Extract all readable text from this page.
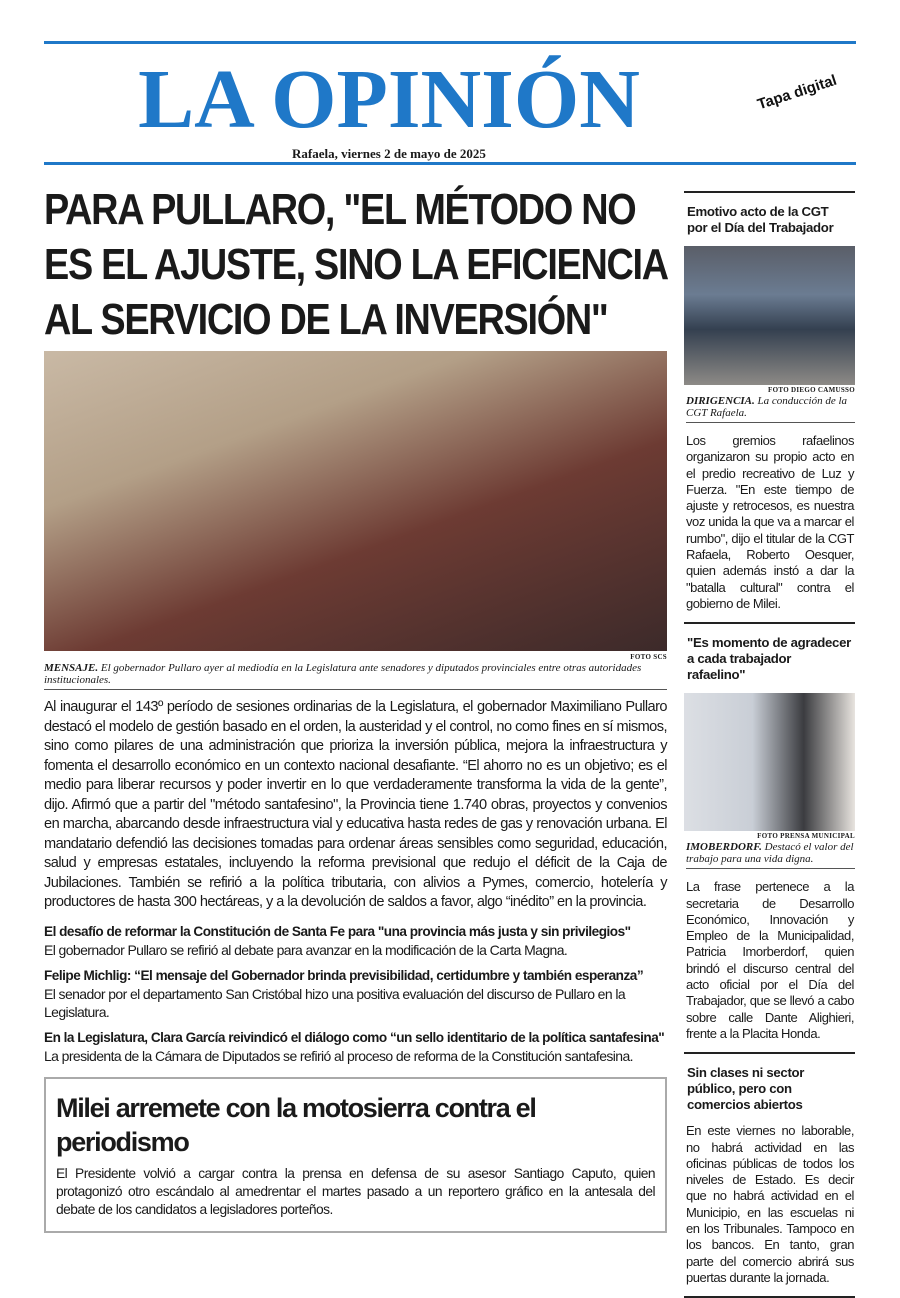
LA OPINIÓN	Tapa digital
Rafaela, viernes 2 de mayo de 2025
PARA PULLARO, "EL MÉTODO NO ES EL AJUSTE, SINO LA EFICIENCIA AL SERVICIO DE LA INVERSIÓN"
FOTO SCS
MENSAJE. El gobernador Pullaro ayer al mediodía en la Legislatura ante senadores y diputados provinciales entre otras autoridades institucionales.

Al inaugurar el 143º período de sesiones ordinarias de la Legislatura, el gobernador Maximiliano Pullaro destacó el modelo de gestión basado en el orden, la austeridad y el control, no como fines en sí mismos, sino como pilares de una administración que prioriza la inversión pública, mejora la infraestructura y fomenta el desarrollo económico en un contexto nacional desafiante. “El ahorro no es un objetivo; es el medio para liberar recursos y poder invertir en lo que verdaderamente transforma la vida de la gente”, dijo. Afirmó que a partir del "método santafesino", la Provincia tiene 1.740 obras, proyectos y convenios en marcha, abarcando desde infraestructura vial y educativa hasta redes de gas y renovación urbana. El mandatario defendió las decisiones tomadas para ordenar áreas sensibles como seguridad, educación, salud y empresas estatales, incluyendo la reforma previsional que redujo el déficit de la Caja de Jubilaciones. También se refirió a la política tributaria, con alivios a Pymes, comercio, hotelería y productores de hasta 300 hectáreas, y a la devolución de saldos a favor, algo “inédito” en la provincia.

El desafío de reformar la Constitución de Santa Fe para "una provincia más justa y sin privilegios"
El gobernador Pullaro se refirió al debate para avanzar en la modificación de la Carta Magna.
Felipe Michlig: “El mensaje del Gobernador brinda previsibilidad, certidumbre y también esperanza”
El senador por el departamento San Cristóbal hizo una positiva evaluación del discurso de Pullaro en la Legislatura.
En la Legislatura, Clara García reivindicó el diálogo como “un sello identitario de la política santafesina"
La presidenta de la Cámara de Diputados se refirió al proceso de reforma de la Constitución santafesina.
Milei arremete con la motosierra contra el periodismo

El Presidente volvió a cargar contra la prensa en defensa de su asesor Santiago Caputo, quien protagonizó otro escándalo al amedrentar el martes pasado a un reportero gráfico en la antesala del debate de los candidatos a legisladores porteños.

Emotivo acto de la CGT por el Día del Trabajador
FOTO DIEGO CAMUSSO
DIRIGENCIA. La conducción de la CGT Rafaela.

Los gremios rafaelinos organizaron su propio acto en el predio recreativo de Luz y Fuerza. "En este tiempo de ajuste y retrocesos, es nuestra voz unida la que va a marcar el rumbo", dijo el titular de la CGT Rafaela, Roberto Oesquer, quien además instó a dar la "batalla cultural" contra el gobierno de Milei.

"Es momento de agradecer a cada trabajador rafaelino"
FOTO PRENSA MUNICIPAL
IMOBERDORF. Destacó el valor del trabajo para una vida digna.

La frase pertenece a la secretaria de Desarrollo Económico, Innovación y Empleo de la Municipalidad, Patricia Imorberdorf, quien brindó el discurso central del acto oficial por el Día del Trabajador, que se llevó a cabo sobre calle Dante Alighieri, frente a la Placita Honda.

Sin clases ni sector público, pero con comercios abiertos

En este viernes no laborable, no habrá actividad en las oficinas públicas de todos los niveles de Estado. Es decir que no habrá actividad en el Municipio, en las escuelas ni en los Tribunales. Tampoco en los bancos. En tanto, gran parte del comercio abrirá sus puertas durante la jornada.
